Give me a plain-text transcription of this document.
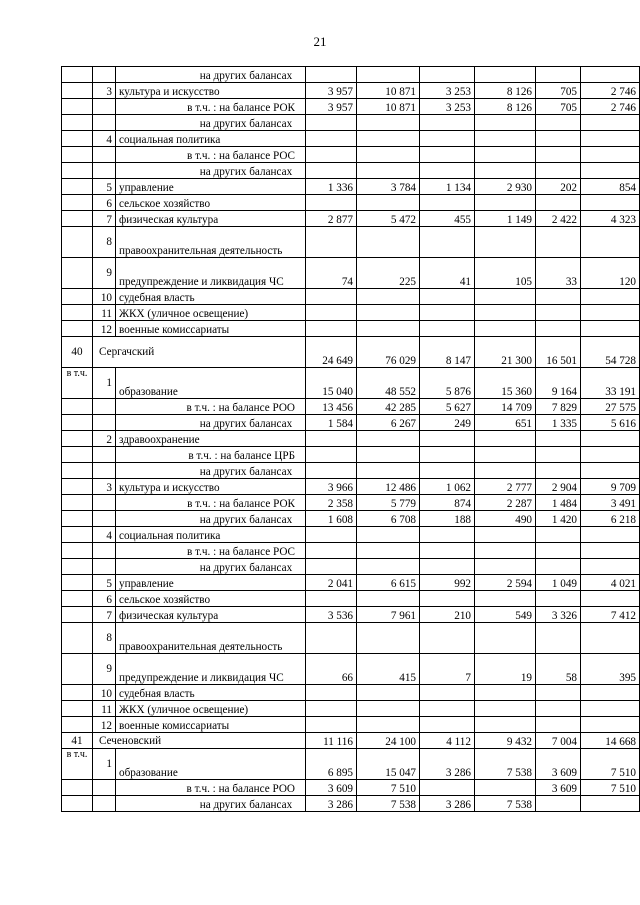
21
		на других балансах						
	3	культура и искусство	3 957	10 871	3 253	8 126	705	2 746
		в т.ч. : на балансе РОК	3 957	10 871	3 253	8 126	705	2 746
		на других балансах						
	4	социальная политика						
		в т.ч. : на балансе РОС						
		на других балансах						
	5	управление	1 336	3 784	1 134	2 930	202	854
	6	сельское хозяйство						
	7	физическая культура	2 877	5 472	455	1 149	2 422	4 323
	8	правоохранительная деятельность						
	9	предупреждение и ликвидация ЧС	74	225	41	105	33	120
	10	судебная власть						
	11	ЖКХ (уличное освещение)						
	12	военные комиссариаты						
40	Сергачский		24 649	76 029	8 147	21 300	16 501	54 728
в т.ч.	1	образование	15 040	48 552	5 876	15 360	9 164	33 191
		в т.ч. : на балансе РОО	13 456	42 285	5 627	14 709	7 829	27 575
		на других балансах	1 584	6 267	249	651	1 335	5 616
	2	здравоохранение						
		в т.ч. : на балансе ЦРБ						
		на других балансах						
	3	культура и искусство	3 966	12 486	1 062	2 777	2 904	9 709
		в т.ч. : на балансе РОК	2 358	5 779	874	2 287	1 484	3 491
		на других балансах	1 608	6 708	188	490	1 420	6 218
	4	социальная политика						
		в т.ч. : на балансе РОС						
		на других балансах						
	5	управление	2 041	6 615	992	2 594	1 049	4 021
	6	сельское хозяйство						
	7	физическая культура	3 536	7 961	210	549	3 326	7 412
	8	правоохранительная деятельность						
	9	предупреждение и ликвидация ЧС	66	415	7	19	58	395
	10	судебная власть						
	11	ЖКХ (уличное освещение)						
	12	военные комиссариаты						
41	Сеченовский		11 116	24 100	4 112	9 432	7 004	14 668
в т.ч.	1	образование	6 895	15 047	3 286	7 538	3 609	7 510
		в т.ч. : на балансе РОО	3 609	7 510			3 609	7 510
		на других балансах	3 286	7 538	3 286	7 538		
